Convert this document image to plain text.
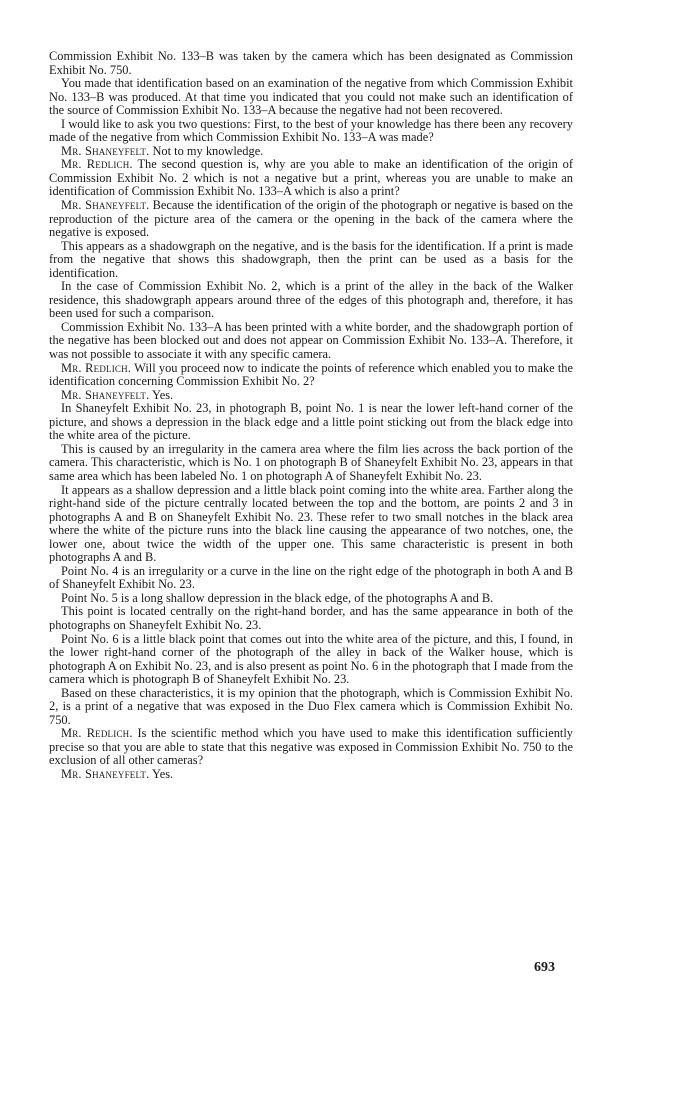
Commission Exhibit No. 133–B was taken by the camera which has been designated as Commission Exhibit No. 750.

You made that identification based on an examination of the negative from which Commission Exhibit No. 133–B was produced. At that time you indicated that you could not make such an identification of the source of Commission Exhibit No. 133–A because the negative had not been recovered.

I would like to ask you two questions: First, to the best of your knowledge has there been any recovery made of the negative from which Commission Exhibit No. 133–A was made?

Mr. Shaneyfelt. Not to my knowledge.

Mr. Redlich. The second question is, why are you able to make an identification of the origin of Commission Exhibit No. 2 which is not a negative but a print, whereas you are unable to make an identification of Commission Exhibit No. 133–A which is also a print?

Mr. Shaneyfelt. Because the identification of the origin of the photograph or negative is based on the reproduction of the picture area of the camera or the opening in the back of the camera where the negative is exposed.

This appears as a shadowgraph on the negative, and is the basis for the identification. If a print is made from the negative that shows this shadowgraph, then the print can be used as a basis for the identification.

In the case of Commission Exhibit No. 2, which is a print of the alley in the back of the Walker residence, this shadowgraph appears around three of the edges of this photograph and, therefore, it has been used for such a comparison.

Commission Exhibit No. 133–A has been printed with a white border, and the shadowgraph portion of the negative has been blocked out and does not appear on Commission Exhibit No. 133–A. Therefore, it was not possible to associate it with any specific camera.

Mr. Redlich. Will you proceed now to indicate the points of reference which enabled you to make the identification concerning Commission Exhibit No. 2?

Mr. Shaneyfelt. Yes.

In Shaneyfelt Exhibit No. 23, in photograph B, point No. 1 is near the lower left-hand corner of the picture, and shows a depression in the black edge and a little point sticking out from the black edge into the white area of the picture.

This is caused by an irregularity in the camera area where the film lies across the back portion of the camera. This characteristic, which is No. 1 on photograph B of Shaneyfelt Exhibit No. 23, appears in that same area which has been labeled No. 1 on photograph A of Shaneyfelt Exhibit No. 23.

It appears as a shallow depression and a little black point coming into the white area. Farther along the right-hand side of the picture centrally located between the top and the bottom, are points 2 and 3 in photographs A and B on Shaneyfelt Exhibit No. 23. These refer to two small notches in the black area where the white of the picture runs into the black line causing the appearance of two notches, one, the lower one, about twice the width of the upper one. This same characteristic is present in both photographs A and B.

Point No. 4 is an irregularity or a curve in the line on the right edge of the photograph in both A and B of Shaneyfelt Exhibit No. 23.

Point No. 5 is a long shallow depression in the black edge, of the photographs A and B.

This point is located centrally on the right-hand border, and has the same appearance in both of the photographs on Shaneyfelt Exhibit No. 23.

Point No. 6 is a little black point that comes out into the white area of the picture, and this, I found, in the lower right-hand corner of the photograph of the alley in back of the Walker house, which is photograph A on Exhibit No. 23, and is also present as point No. 6 in the photograph that I made from the camera which is photograph B of Shaneyfelt Exhibit No. 23.

Based on these characteristics, it is my opinion that the photograph, which is Commission Exhibit No. 2, is a print of a negative that was exposed in the Duo Flex camera which is Commission Exhibit No. 750.

Mr. Redlich. Is the scientific method which you have used to make this identification sufficiently precise so that you are able to state that this negative was exposed in Commission Exhibit No. 750 to the exclusion of all other cameras?

Mr. Shaneyfelt. Yes.

693
